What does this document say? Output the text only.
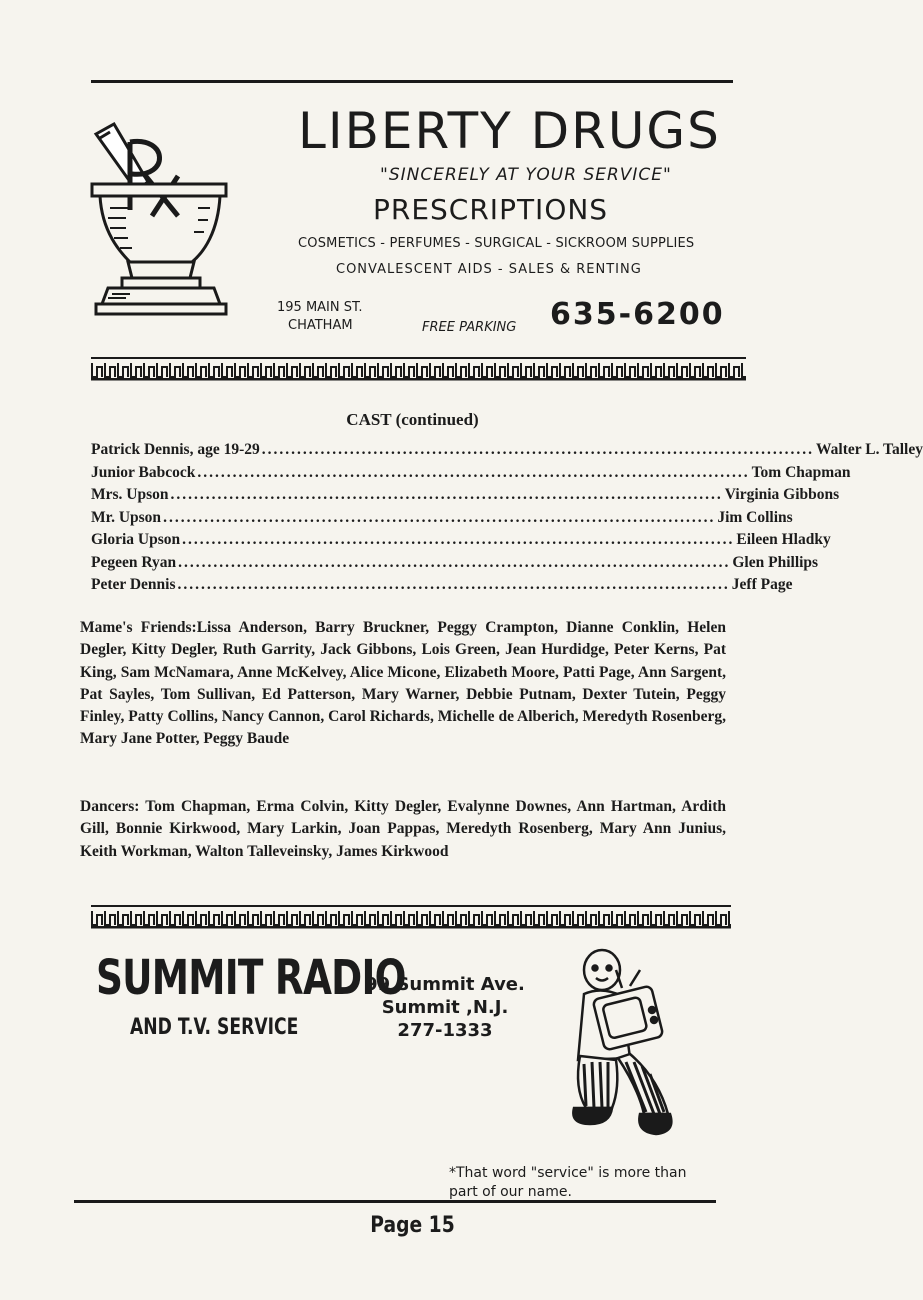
LIBERTY DRUGS
"SINCERELY AT YOUR SERVICE"
PRESCRIPTIONS
COSMETICS - PERFUMES - SURGICAL - SICKROOM SUPPLIES
CONVALESCENT AIDS - SALES & RENTING
195 MAIN ST.
CHATHAM	FREE PARKING 635-6200
CAST (continued)
Patrick Dennis, age 19-29 .............................................................................................. Walter L. Talley
Junior Babcock .............................................................................................. Tom Chapman
Mrs. Upson .............................................................................................. Virginia Gibbons
Mr. Upson .............................................................................................. Jim Collins
Gloria Upson .............................................................................................. Eileen Hladky
Pegeen Ryan .............................................................................................. Glen Phillips
Peter Dennis .............................................................................................. Jeff Page
Mame's Friends:Lissa Anderson, Barry Bruckner, Peggy Crampton, Dianne Conklin, Helen Degler, Kitty Degler, Ruth Garrity, Jack Gibbons, Lois Green, Jean Hurdidge, Peter Kerns, Pat King, Sam McNamara, Anne McKelvey, Alice Micone, Elizabeth Moore, Patti Page, Ann Sargent, Pat Sayles, Tom Sullivan, Ed Patterson, Mary Warner, Debbie Putnam, Dexter Tutein, Peggy Finley, Patty Collins, Nancy Cannon, Carol Richards, Michelle de Alberich, Meredyth Rosenberg, Mary Jane Potter, Peggy Baude
Dancers: Tom Chapman, Erma Colvin, Kitty Degler, Evalynne Downes, Ann Hartman, Ardith Gill, Bonnie Kirkwood, Mary Larkin, Joan Pappas, Meredyth Rosenberg, Mary Ann Junius, Keith Workman, Walton Talleveinsky, James Kirkwood
SUMMIT RADIO
AND T.V. SERVICE
99 Summit Ave.
Summit ,N.J.
277-1333
*That word "service" is more than part of our name.
Page 15
